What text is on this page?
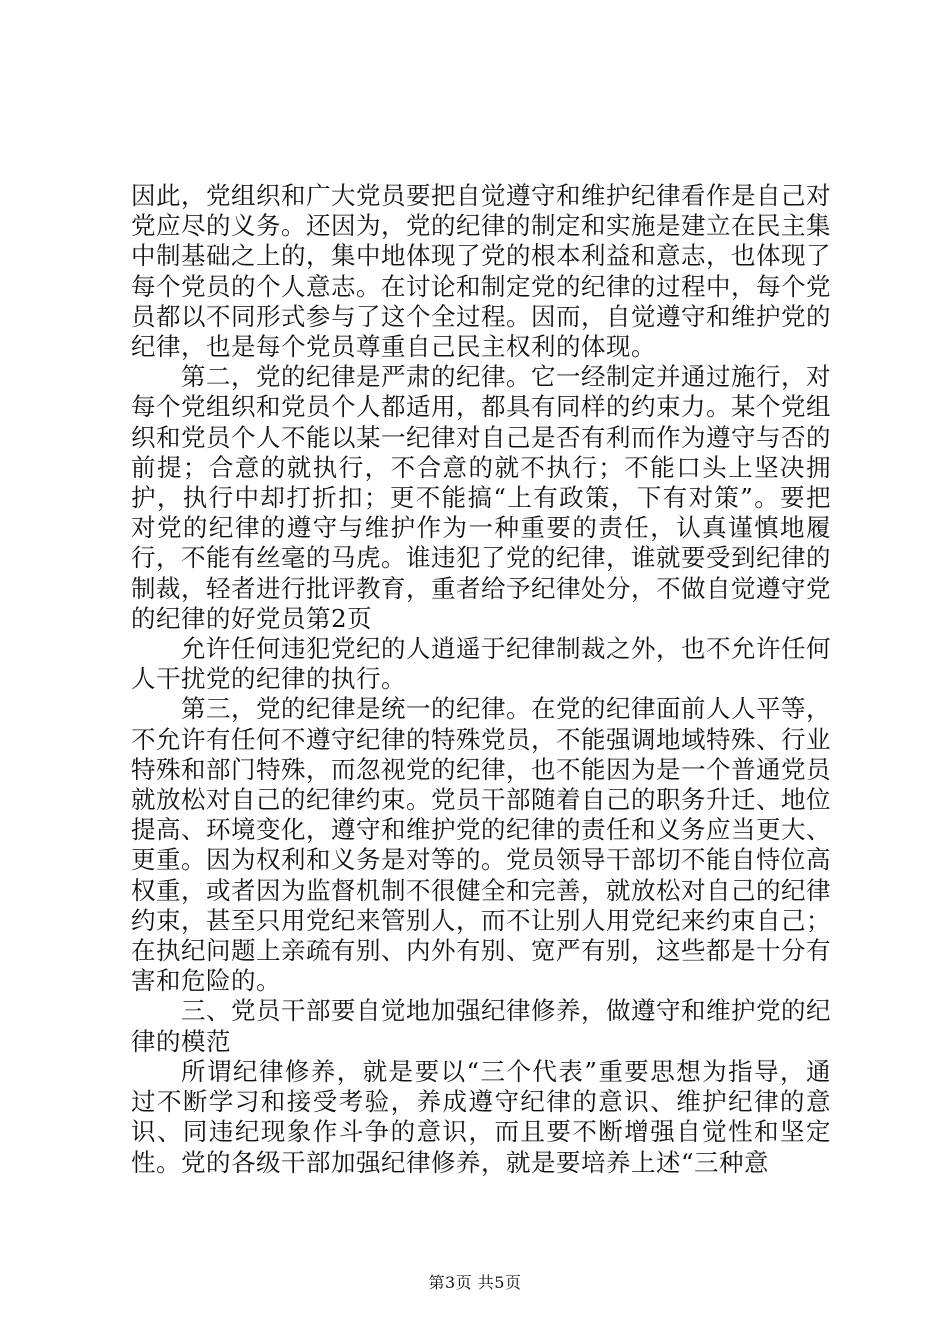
因此，党组织和广大党员要把自觉遵守和维护纪律看作是自己对党应尽的义务。还因为，党的纪律的制定和实施是建立在民主集中制基础之上的，集中地体现了党的根本利益和意志，也体现了每个党员的个人意志。在讨论和制定党的纪律的过程中，每个党员都以不同形式参与了这个全过程。因而，自觉遵守和维护党的纪律，也是每个党员尊重自己民主权利的体现。

第二，党的纪律是严肃的纪律。它一经制定并通过施行，对每个党组织和党员个人都适用，都具有同样的约束力。某个党组织和党员个人不能以某一纪律对自己是否有利而作为遵守与否的前提；合意的就执行，不合意的就不执行；不能口头上坚决拥护，执行中却打折扣；更不能搞“上有政策，下有对策”。要把对党的纪律的遵守与维护作为一种重要的责任，认真谨慎地履行，不能有丝毫的马虎。谁违犯了党的纪律，谁就要受到纪律的制裁，轻者进行批评教育，重者给予纪律处分，不做自觉遵守党的纪律的好党员第2页

允许任何违犯党纪的人逍遥于纪律制裁之外，也不允许任何人干扰党的纪律的执行。

第三，党的纪律是统一的纪律。在党的纪律面前人人平等，不允许有任何不遵守纪律的特殊党员，不能强调地域特殊、行业特殊和部门特殊，而忽视党的纪律，也不能因为是一个普通党员就放松对自己的纪律约束。党员干部随着自己的职务升迁、地位提高、环境变化，遵守和维护党的纪律的责任和义务应当更大、更重。因为权利和义务是对等的。党员领导干部切不能自恃位高权重，或者因为监督机制不很健全和完善，就放松对自己的纪律约束，甚至只用党纪来管别人，而不让别人用党纪来约束自己；在执纪问题上亲疏有别、内外有别、宽严有别，这些都是十分有害和危险的。

三、党员干部要自觉地加强纪律修养，做遵守和维护党的纪律的模范

所谓纪律修养，就是要以“三个代表”重要思想为指导，通过不断学习和接受考验，养成遵守纪律的意识、维护纪律的意识、同违纪现象作斗争的意识，而且要不断增强自觉性和坚定性。党的各级干部加强纪律修养，就是要培养上述“三种意

第3页 共5页
